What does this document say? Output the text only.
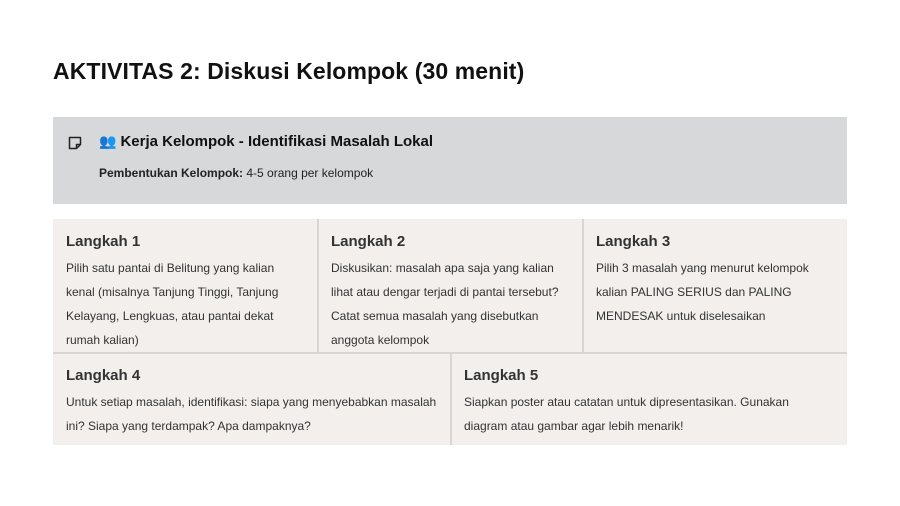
AKTIVITAS 2: Diskusi Kelompok (30 menit)
👥 Kerja Kelompok - Identifikasi Masalah Lokal
Pembentukan Kelompok: 4-5 orang per kelompok
Langkah 1
Pilih satu pantai di Belitung yang kalian kenal (misalnya Tanjung Tinggi, Tanjung Kelayang, Lengkuas, atau pantai dekat rumah kalian)
Langkah 2
Diskusikan: masalah apa saja yang kalian lihat atau dengar terjadi di pantai tersebut? Catat semua masalah yang disebutkan anggota kelompok
Langkah 3
Pilih 3 masalah yang menurut kelompok kalian PALING SERIUS dan PALING MENDESAK untuk diselesaikan
Langkah 4
Untuk setiap masalah, identifikasi: siapa yang menyebabkan masalah ini? Siapa yang terdampak? Apa dampaknya?
Langkah 5
Siapkan poster atau catatan untuk dipresentasikan. Gunakan diagram atau gambar agar lebih menarik!
